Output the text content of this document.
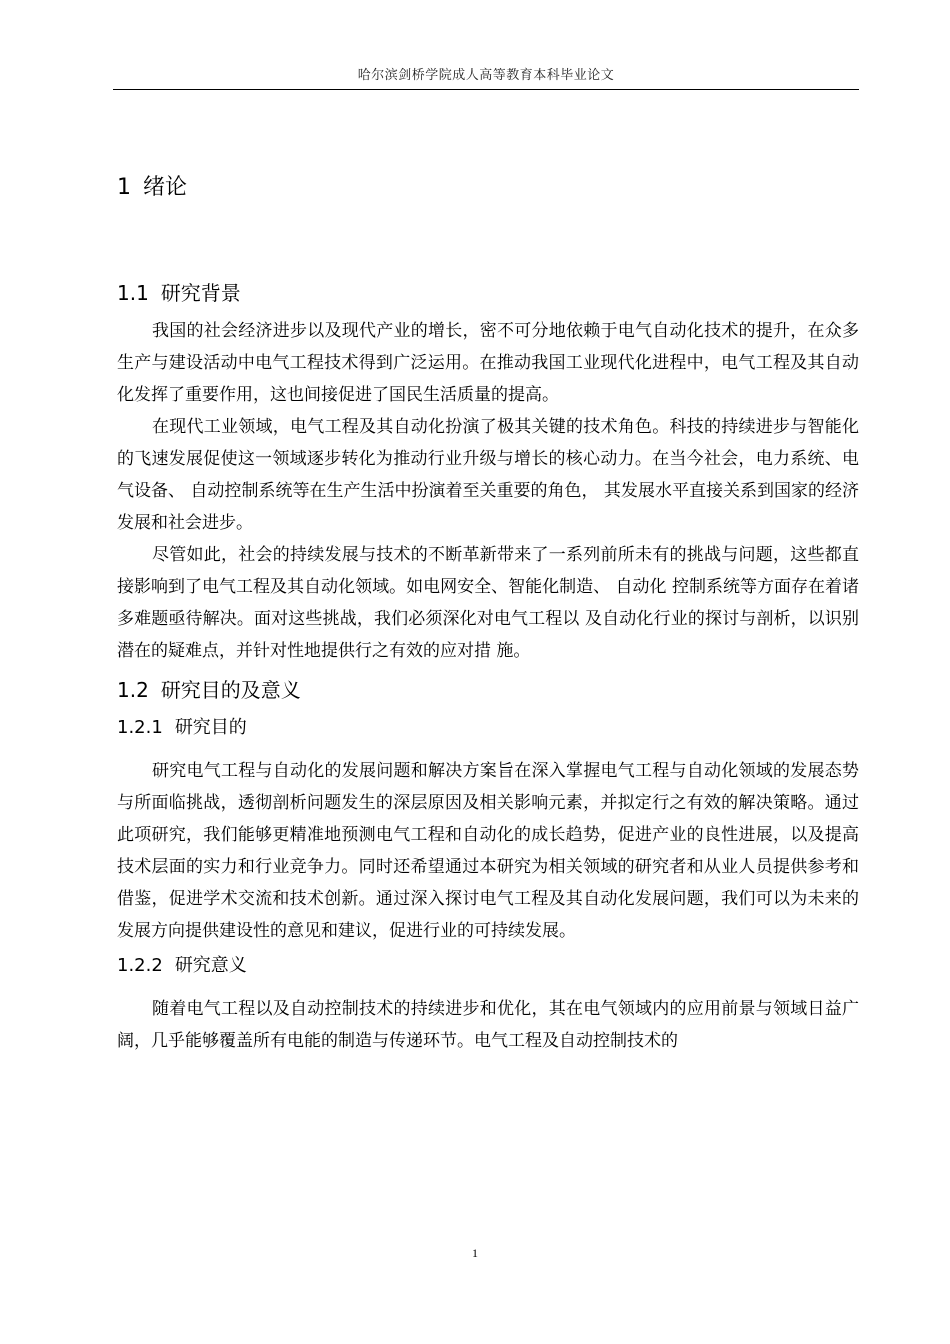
哈尔滨剑桥学院成人高等教育本科毕业论文
1 绪论
1.1 研究背景

我国的社会经济进步以及现代产业的增长，密不可分地依赖于电气自动化技术的提升，在众多生产与建设活动中电气工程技术得到广泛运用。在推动我国工业现代化进程中，电气工程及其自动化发挥了重要作用，这也间接促进了国民生活质量的提高。

在现代工业领域，电气工程及其自动化扮演了极其关键的技术角色。科技的持续进步与智能化的飞速发展促使这一领域逐步转化为推动行业升级与增长的核心动力。在当今社会，电力系统、电气设备、 自动控制系统等在生产生活中扮演着至关重要的角色， 其发展水平直接关系到国家的经济发展和社会进步。

尽管如此，社会的持续发展与技术的不断革新带来了一系列前所未有的挑战与问题，这些都直接影响到了电气工程及其自动化领域。如电网安全、智能化制造、 自动化 控制系统等方面存在着诸多难题亟待解决。面对这些挑战，我们必须深化对电气工程以 及自动化行业的探讨与剖析，以识别潜在的疑难点，并针对性地提供行之有效的应对措 施。

1.2 研究目的及意义
1.2.1 研究目的

研究电气工程与自动化的发展问题和解决方案旨在深入掌握电气工程与自动化领域的发展态势与所面临挑战，透彻剖析问题发生的深层原因及相关影响元素，并拟定行之有效的解决策略。通过此项研究，我们能够更精准地预测电气工程和自动化的成长趋势，促进产业的良性进展，以及提高技术层面的实力和行业竞争力。同时还希望通过本研究为相关领域的研究者和从业人员提供参考和借鉴，促进学术交流和技术创新。通过深入探讨电气工程及其自动化发展问题，我们可以为未来的发展方向提供建设性的意见和建议，促进行业的可持续发展。

1.2.2 研究意义

随着电气工程以及自动控制技术的持续进步和优化，其在电气领域内的应用前景与领域日益广阔，几乎能够覆盖所有电能的制造与传递环节。电气工程及自动控制技术的

1
